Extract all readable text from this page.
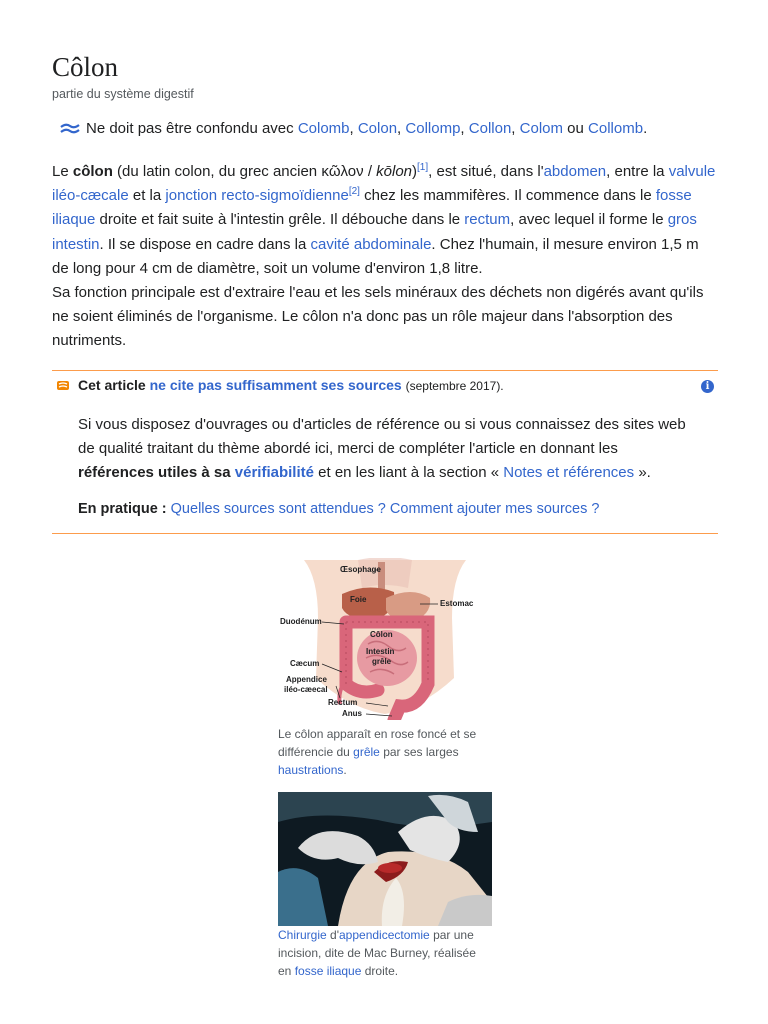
Côlon
partie du système digestif
Ne doit pas être confondu avec Colomb, Colon, Collomp, Collon, Colom ou Collomb.

Le côlon (du latin colon, du grec ancien κῶλον / kōlon)[1], est situé, dans l'abdomen, entre la valvule iléo-cæcale et la jonction recto-sigmoïdienne[2] chez les mammifères. Il commence dans le fosse iliaque droite et fait suite à l'intestin grêle. Il débouche dans le rectum, avec lequel il forme le gros intestin. Il se dispose en cadre dans la cavité abdominale. Chez l'humain, il mesure environ 1,5 m de long pour 4 cm de diamètre, soit un volume d'environ 1,8 litre.

Sa fonction principale est d'extraire l'eau et les sels minéraux des déchets non digérés avant qu'ils ne soient éliminés de l'organisme. Le côlon n'a donc pas un rôle majeur dans l'absorption des nutriments.

Cet article ne cite pas suffisamment ses sources (septembre 2017).	i
Si vous disposez d'ouvrages ou d'articles de référence ou si vous connaissez des sites web de qualité traitant du thème abordé ici, merci de compléter l'article en donnant les références utiles à sa vérifiabilité et en les liant à la section « Notes et références ».
En pratique : Quelles sources sont attendues ? Comment ajouter mes sources ?
Œsophage
Foie	Estomac
Duodénum
Côlon
Intestin
grêle
Cæcum
Appendice
iléo-cæecal
Rectum
Anus
Le côlon apparaît en rose foncé et se différencie du grêle par ses larges haustrations.
Chirurgie d'appendicectomie par une incision, dite de Mac Burney, réalisée en fosse iliaque droite.
